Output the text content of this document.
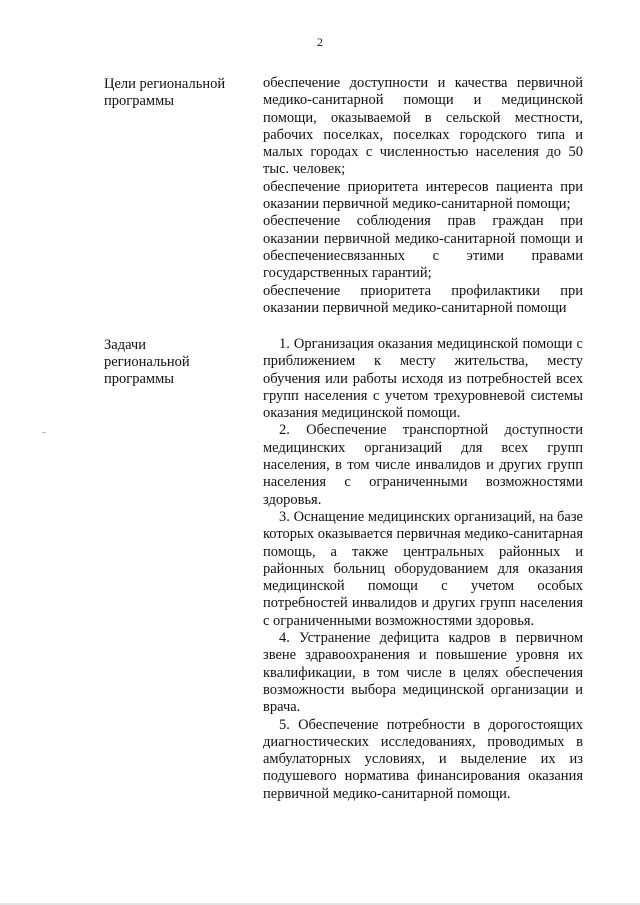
2
Цели региональной
программы

обеспечение доступности и качества первичной медико-санитарной помощи и медицинской помощи, оказываемой в сельской местности, рабочих поселках, поселках городского типа и малых городах с численностью населения до 50 тыс. человек;

обеспечение приоритета интересов пациента при оказании первичной медико-санитарной помощи;

обеспечение соблюдения прав граждан при оказании первичной медико-санитарной помощи и обеспечениесвязанных с этими правами государственных гарантий;

обеспечение приоритета профилактики при оказании первичной медико-санитарной помощи

Задачи
региональной
программы

1. Организация оказания медицинской помощи с приближением к месту жительства, месту обучения или работы исходя из потребностей всех групп населения с учетом трехуровневой системы оказания медицинской помощи.

2. Обеспечение транспортной доступности медицинских организаций для всех групп населения, в том числе инвалидов и других групп населения с ограниченными возможностями здоровья.

3. Оснащение медицинских организаций, на базе которых оказывается первичная медико-санитарная помощь, а также центральных районных и районных больниц оборудованием для оказания медицинской помощи с учетом особых потребностей инвалидов и других групп населения с ограниченными возможностями здоровья.

4. Устранение дефицита кадров в первичном звене здравоохранения и повышение уровня их квалификации, в том числе в целях обеспечения возможности выбора медицинской организации и врача.

5. Обеспечение потребности в дорогостоящих диагностических исследованиях, проводимых в амбулаторных условиях, и выделение их из подушевого норматива финансирования оказания первичной медико-санитарной помощи.
